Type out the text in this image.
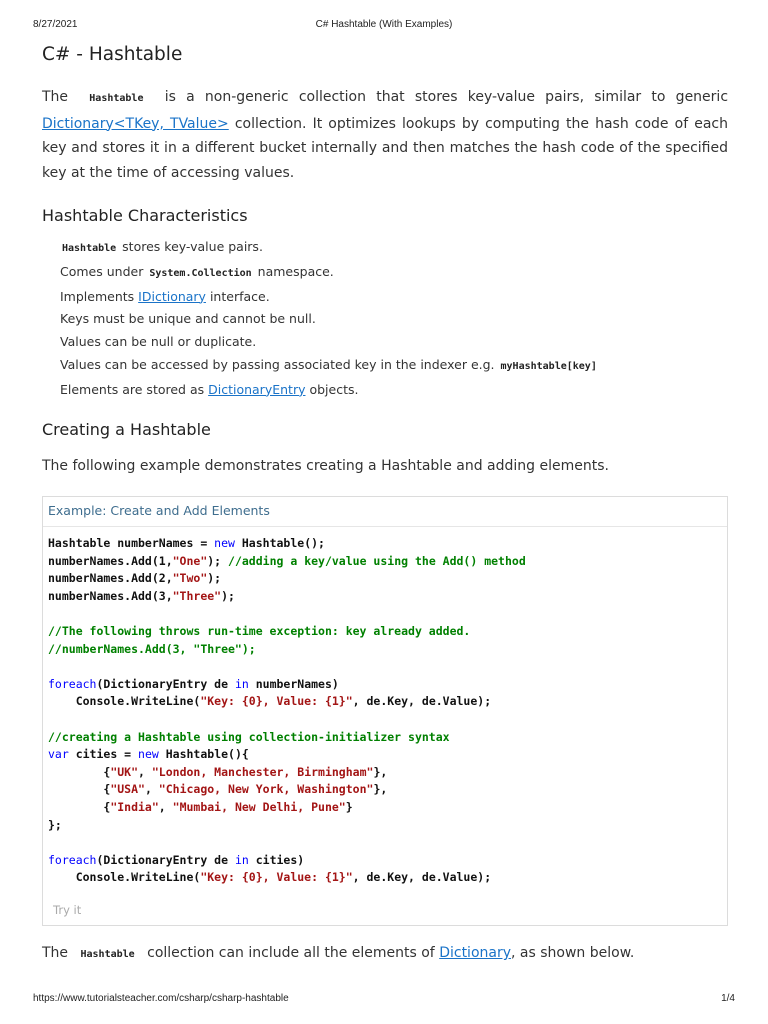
8/27/2021	C# Hashtable (With Examples)
C# - Hashtable

The Hashtable is a non-generic collection that stores key-value pairs, similar to generic Dictionary<TKey, TValue> collection. It optimizes lookups by computing the hash code of each key and stores it in a different bucket internally and then matches the hash code of the specified key at the time of accessing values.

Hashtable Characteristics
Hashtable stores key-value pairs.
Comes under System.Collection namespace.
Implements IDictionary interface.
Keys must be unique and cannot be null.
Values can be null or duplicate.
Values can be accessed by passing associated key in the indexer e.g. myHashtable[key]
Elements are stored as DictionaryEntry objects.
Creating a Hashtable

The following example demonstrates creating a Hashtable and adding elements.

Example: Create and Add Elements
Hashtable numberNames = new Hashtable();
numberNames.Add(1,"One"); //adding a key/value using the Add() method
numberNames.Add(2,"Two");
numberNames.Add(3,"Three");

//The following throws run-time exception: key already added.
//numberNames.Add(3, "Three");

foreach(DictionaryEntry de in numberNames)
Console.WriteLine("Key: {0}, Value: {1}", de.Key, de.Value);

//creating a Hashtable using collection-initializer syntax
var cities = new Hashtable(){
{"UK", "London, Manchester, Birmingham"},
{"USA", "Chicago, New York, Washington"},
{"India", "Mumbai, New Delhi, Pune"}
};

foreach(DictionaryEntry de in cities)
Console.WriteLine("Key: {0}, Value: {1}", de.Key, de.Value);
Try it

The Hashtable collection can include all the elements of Dictionary, as shown below.

https://www.tutorialsteacher.com/csharp/csharp-hashtable	1/4
